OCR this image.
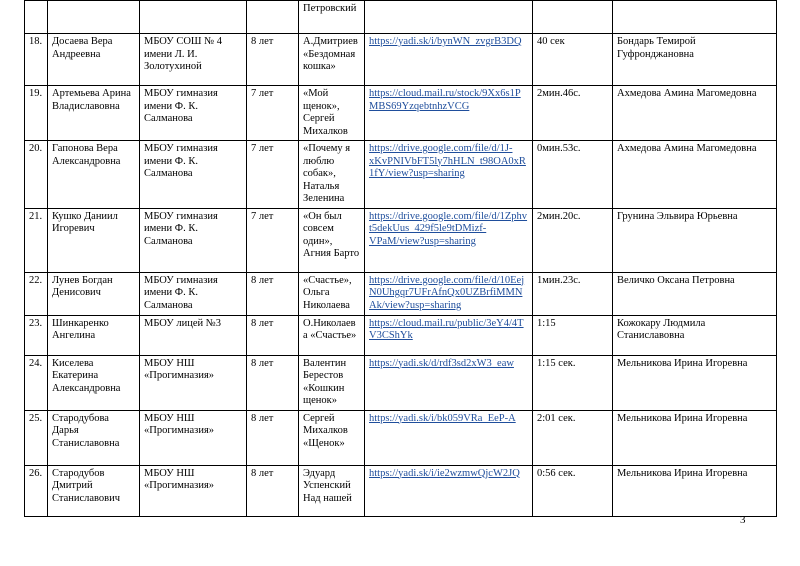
				Петровский			
18.	Досаева Вера Андреевна	МБОУ СОШ № 4 имени Л. И. Золотухиной	8 лет	А.Дмитриев «Бездомная кошка»	https://yadi.sk/i/bynWN_zvgrB3DQ	40 сек	Бондарь Темирой Гуфронджановна
19.	Артемьева Арина Владиславовна	МБОУ гимназия имени Ф. К. Салманова	7 лет	«Мой щенок», Сергей Михалков	https://cloud.mail.ru/stock/9Xx6s1PMBS69YzqebtnhzVCG	2мин.46с.	Ахмедова Амина Магомедовна
20.	Гапонова Вера Александровна	МБОУ гимназия имени Ф. К. Салманова	7 лет	«Почему я люблю собак», Наталья Зеленина	https://drive.google.com/file/d/1J-xKvPNIVbFT5ly7hHLN_t98OA0xR1fY/view?usp=sharing	0мин.53с.	Ахмедова Амина Магомедовна
21.	Кушко Даниил Игоревич	МБОУ гимназия имени Ф. К. Салманова	7 лет	«Он был совсем один», Агния Барто	https://drive.google.com/file/d/1Zphvt5dekUus_429f5le9tDMizf-VPaM/view?usp=sharing	2мин.20с.	Грунина Эльвира Юрьевна
22.	Лунев Богдан Денисович	МБОУ гимназия имени Ф. К. Салманова	8 лет	«Счастье», Ольга Николаева	https://drive.google.com/file/d/10EejN0Uhgqr7UFrAfnQx0UZBrfiMMNAk/view?usp=sharing	1мин.23с.	Величко Оксана Петровна
23.	Шинкаренко Ангелина	МБОУ лицей №3	8 лет	О.Николаева «Счастье»	https://cloud.mail.ru/public/3eY4/4TV3CShYk	1:15	Кожокару Людмила Станиславовна
24.	Киселева Екатерина Александровна	МБОУ НШ «Прогимназия»	8 лет	Валентин Берестов «Кошкин щенок»	https://yadi.sk/d/rdf3sd2xW3_eaw	1:15 сек.	Мельникова Ирина Игоревна
25.	Стародубова Дарья Станиславовна	МБОУ НШ «Прогимназия»	8 лет	Сергей Михалков «Щенок»	https://yadi.sk/i/bk059VRa_EeP-A	2:01 сек.	Мельникова Ирина Игоревна
26.	Стародубов Дмитрий Станиславович	МБОУ НШ «Прогимназия»	8 лет	Эдуард Успенский Над нашей	https://yadi.sk/i/ie2wzmwQjcW2JQ	0:56 сек.	Мельникова Ирина Игоревна
3
